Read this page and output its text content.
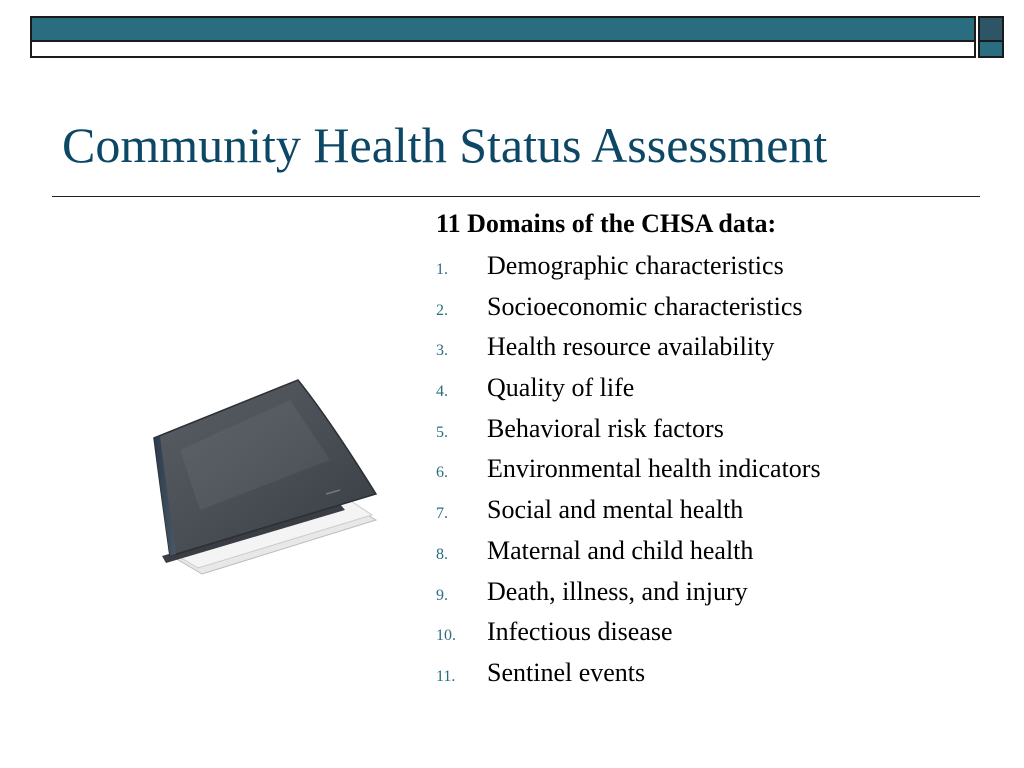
Community Health Status Assessment
11 Domains of the CHSA data:
1.	Demographic characteristics
2.	Socioeconomic characteristics
3.	Health resource availability
4.	Quality of life
5.	Behavioral risk factors
6.	Environmental health indicators
7.	Social and mental health
8.	Maternal and child health
9.	Death, illness, and injury
10.	Infectious disease
11.	Sentinel events
